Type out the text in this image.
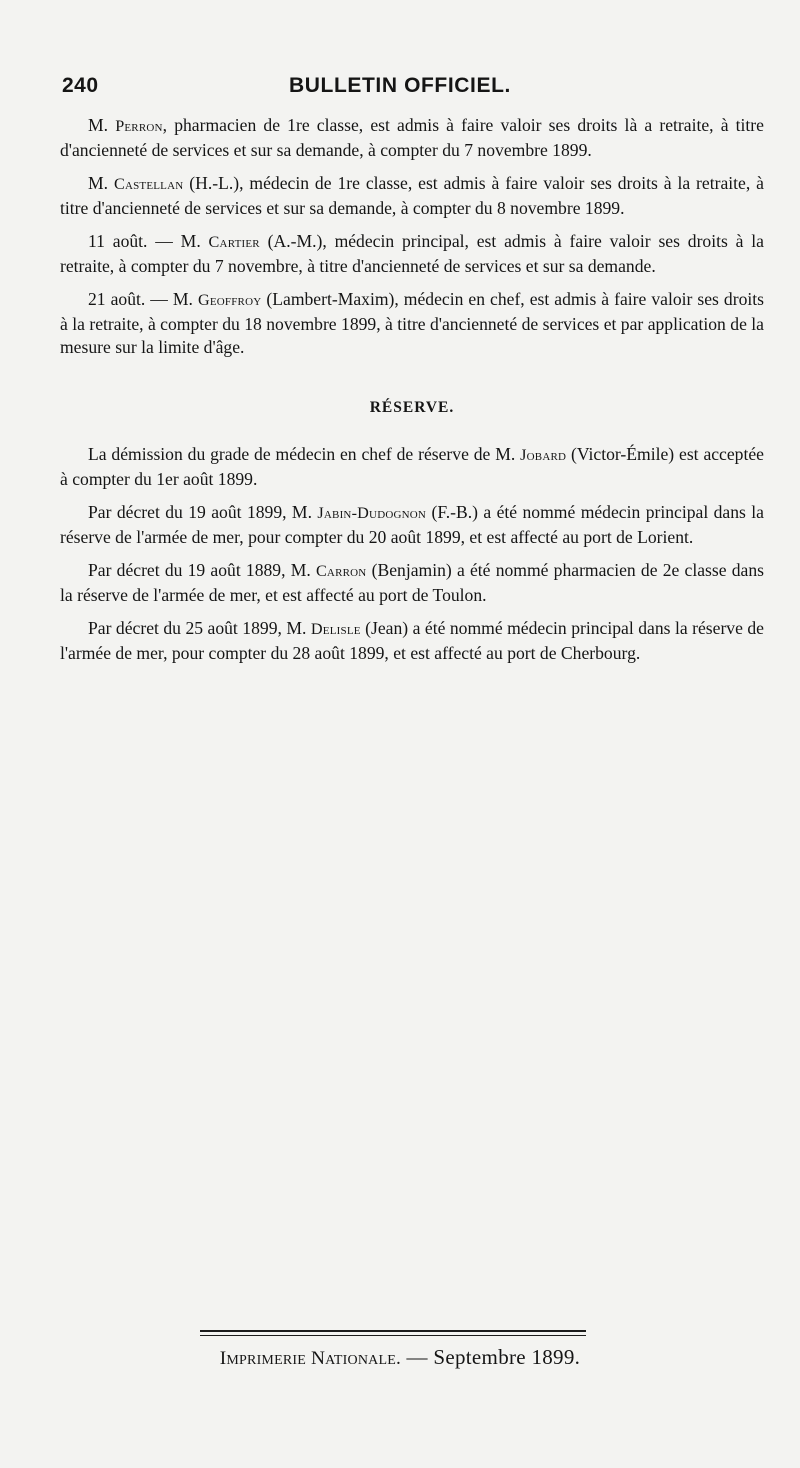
240	BULLETIN OFFICIEL.

M. Perron, pharmacien de 1re classe, est admis à faire valoir ses droits là a retraite, à titre d'ancienneté de services et sur sa demande, à compter du 7 novembre 1899.

M. Castellan (H.-L.), médecin de 1re classe, est admis à faire valoir ses droits à la retraite, à titre d'ancienneté de services et sur sa demande, à compter du 8 novembre 1899.

11 août. — M. Cartier (A.-M.), médecin principal, est admis à faire valoir ses droits à la retraite, à compter du 7 novembre, à titre d'ancienneté de services et sur sa demande.

21 août. — M. Geoffroy (Lambert-Maxim), médecin en chef, est admis à faire valoir ses droits à la retraite, à compter du 18 novembre 1899, à titre d'ancienneté de services et par application de la mesure sur la limite d'âge.

RÉSERVE.

La démission du grade de médecin en chef de réserve de M. Jobard (Victor-Émile) est acceptée à compter du 1er août 1899.

Par décret du 19 août 1899, M. Jabin-Dudognon (F.-B.) a été nommé médecin principal dans la réserve de l'armée de mer, pour compter du 20 août 1899, et est affecté au port de Lorient.

Par décret du 19 août 1889, M. Carron (Benjamin) a été nommé pharmacien de 2e classe dans la réserve de l'armée de mer, et est affecté au port de Toulon.

Par décret du 25 août 1899, M. Delisle (Jean) a été nommé médecin principal dans la réserve de l'armée de mer, pour compter du 28 août 1899, et est affecté au port de Cherbourg.

Imprimerie Nationale. — Septembre 1899.
